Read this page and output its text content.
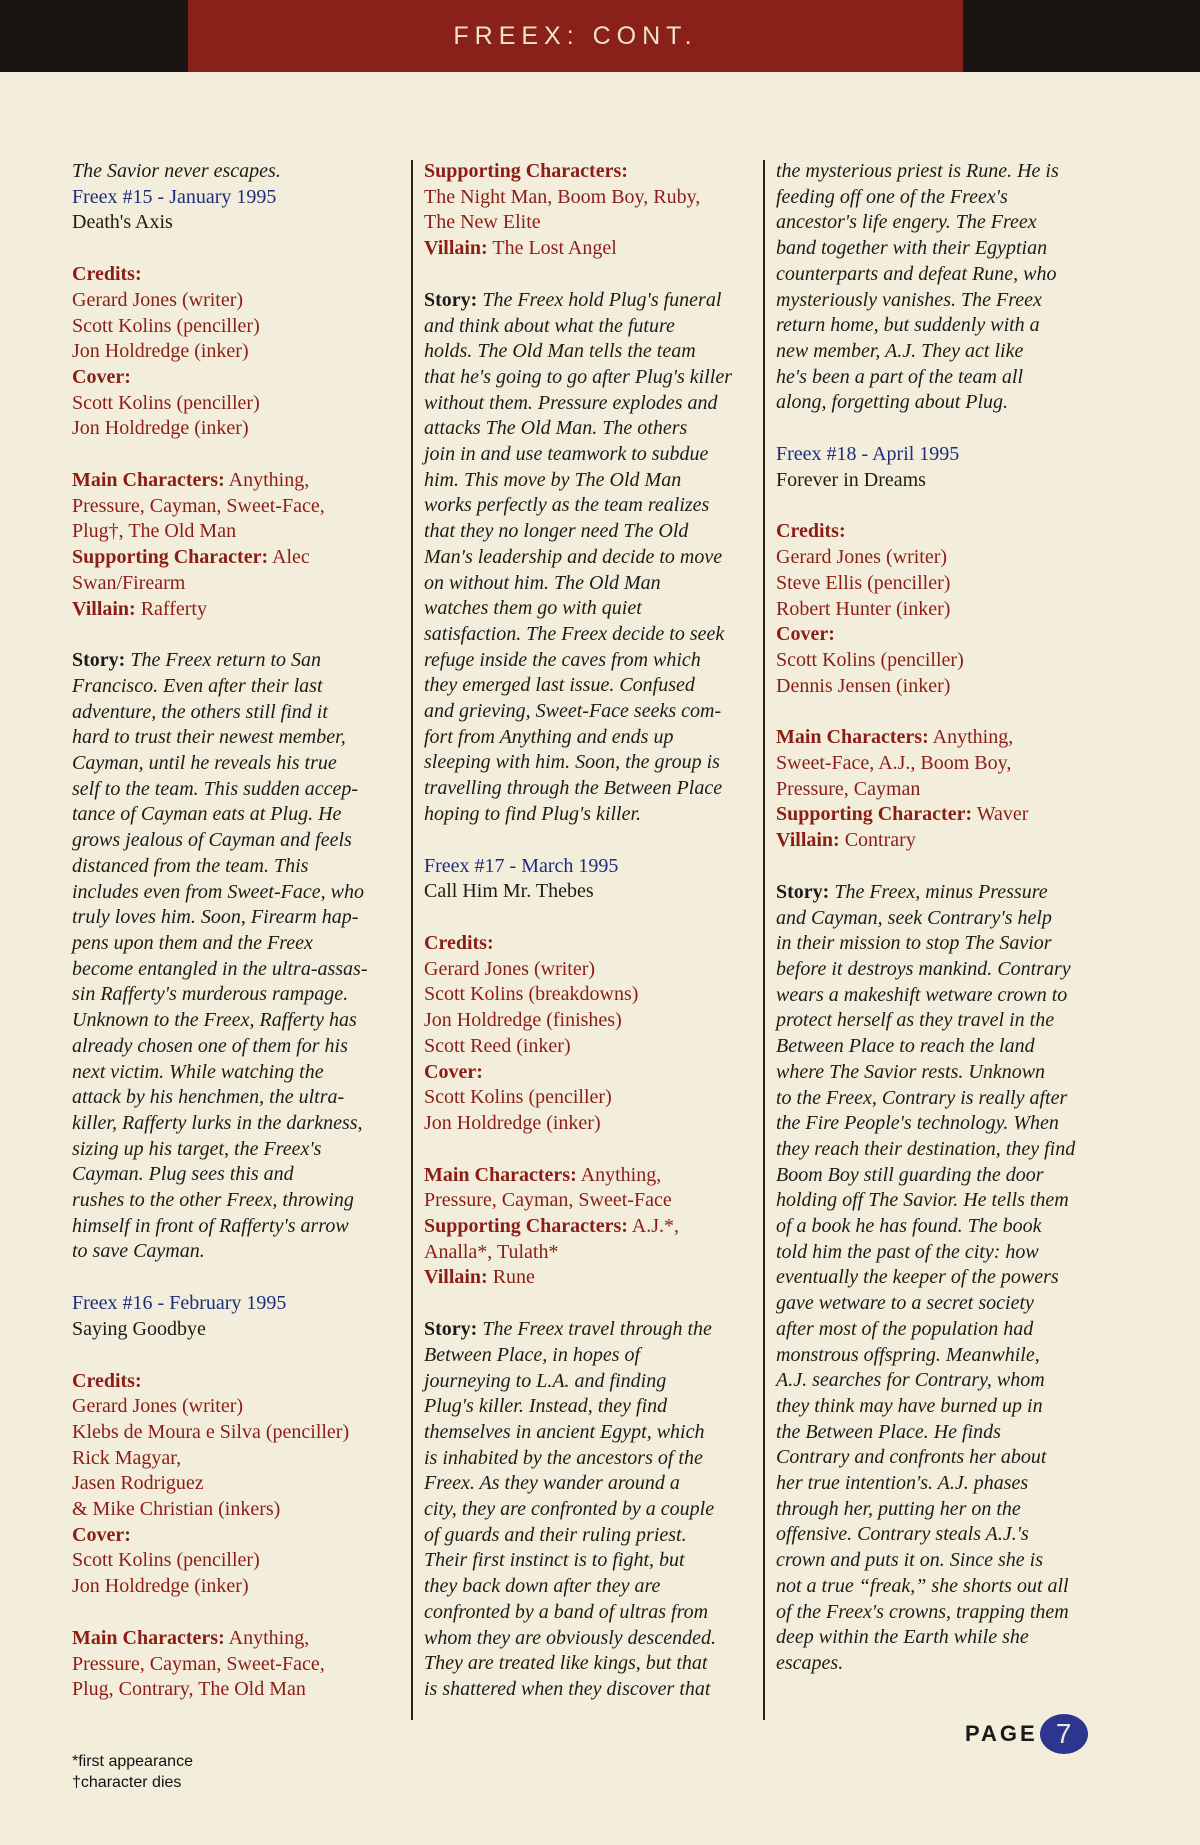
FREEX: CONT.

The Savior never escapes.

Freex #15 - January 1995

Death's Axis

Credits:

Gerard Jones (writer)

Scott Kolins (penciller)

Jon Holdredge (inker)

Cover:

Scott Kolins (penciller)

Jon Holdredge (inker)

Main Characters: Anything,

Pressure, Cayman, Sweet-Face,

Plug†, The Old Man

Supporting Character: Alec

Swan/Firearm

Villain: Rafferty

Story: The Freex return to San

Francisco. Even after their last

adventure, the others still find it

hard to trust their newest member,

Cayman, until he reveals his true

self to the team. This sudden accep-

tance of Cayman eats at Plug. He

grows jealous of Cayman and feels

distanced from the team. This

includes even from Sweet-Face, who

truly loves him. Soon, Firearm hap-

pens upon them and the Freex

become entangled in the ultra-assas-

sin Rafferty's murderous rampage.

Unknown to the Freex, Rafferty has

already chosen one of them for his

next victim. While watching the

attack by his henchmen, the ultra-

killer, Rafferty lurks in the darkness,

sizing up his target, the Freex's

Cayman. Plug sees this and

rushes to the other Freex, throwing

himself in front of Rafferty's arrow

to save Cayman.

Freex #16 - February 1995

Saying Goodbye

Credits:

Gerard Jones (writer)

Klebs de Moura e Silva (penciller)

Rick Magyar,

Jasen Rodriguez

& Mike Christian (inkers)

Cover:

Scott Kolins (penciller)

Jon Holdredge (inker)

Main Characters: Anything,

Pressure, Cayman, Sweet-Face,

Plug, Contrary, The Old Man

Supporting Characters:

The Night Man, Boom Boy, Ruby,

The New Elite

Villain: The Lost Angel

Story: The Freex hold Plug's funeral

and think about what the future

holds. The Old Man tells the team

that he's going to go after Plug's killer

without them. Pressure explodes and

attacks The Old Man. The others

join in and use teamwork to subdue

him. This move by The Old Man

works perfectly as the team realizes

that they no longer need The Old

Man's leadership and decide to move

on without him. The Old Man

watches them go with quiet

satisfaction. The Freex decide to seek

refuge inside the caves from which

they emerged last issue. Confused

and grieving, Sweet-Face seeks com-

fort from Anything and ends up

sleeping with him. Soon, the group is

travelling through the Between Place

hoping to find Plug's killer.

Freex #17 - March 1995

Call Him Mr. Thebes

Credits:

Gerard Jones (writer)

Scott Kolins (breakdowns)

Jon Holdredge (finishes)

Scott Reed (inker)

Cover:

Scott Kolins (penciller)

Jon Holdredge (inker)

Main Characters: Anything,

Pressure, Cayman, Sweet-Face

Supporting Characters: A.J.*,

Analla*, Tulath*

Villain: Rune

Story: The Freex travel through the

Between Place, in hopes of

journeying to L.A. and finding

Plug's killer. Instead, they find

themselves in ancient Egypt, which

is inhabited by the ancestors of the

Freex. As they wander around a

city, they are confronted by a couple

of guards and their ruling priest.

Their first instinct is to fight, but

they back down after they are

confronted by a band of ultras from

whom they are obviously descended.

They are treated like kings, but that

is shattered when they discover that

the mysterious priest is Rune. He is

feeding off one of the Freex's

ancestor's life engery. The Freex

band together with their Egyptian

counterparts and defeat Rune, who

mysteriously vanishes. The Freex

return home, but suddenly with a

new member, A.J. They act like

he's been a part of the team all

along, forgetting about Plug.

Freex #18 - April 1995

Forever in Dreams

Credits:

Gerard Jones (writer)

Steve Ellis (penciller)

Robert Hunter (inker)

Cover:

Scott Kolins (penciller)

Dennis Jensen (inker)

Main Characters: Anything,

Sweet-Face, A.J., Boom Boy,

Pressure, Cayman

Supporting Character: Waver

Villain: Contrary

Story: The Freex, minus Pressure

and Cayman, seek Contrary's help

in their mission to stop The Savior

before it destroys mankind. Contrary

wears a makeshift wetware crown to

protect herself as they travel in the

Between Place to reach the land

where The Savior rests. Unknown

to the Freex, Contrary is really after

the Fire People's technology. When

they reach their destination, they find

Boom Boy still guarding the door

holding off The Savior. He tells them

of a book he has found. The book

told him the past of the city: how

eventually the keeper of the powers

gave wetware to a secret society

after most of the population had

monstrous offspring. Meanwhile,

A.J. searches for Contrary, whom

they think may have burned up in

the Between Place. He finds

Contrary and confronts her about

her true intention's. A.J. phases

through her, putting her on the

offensive. Contrary steals A.J.'s

crown and puts it on. Since she is

not a true “freak,” she shorts out all

of the Freex's crowns, trapping them

deep within the Earth while she

escapes.

*first appearance
†character dies
PAGE 7
